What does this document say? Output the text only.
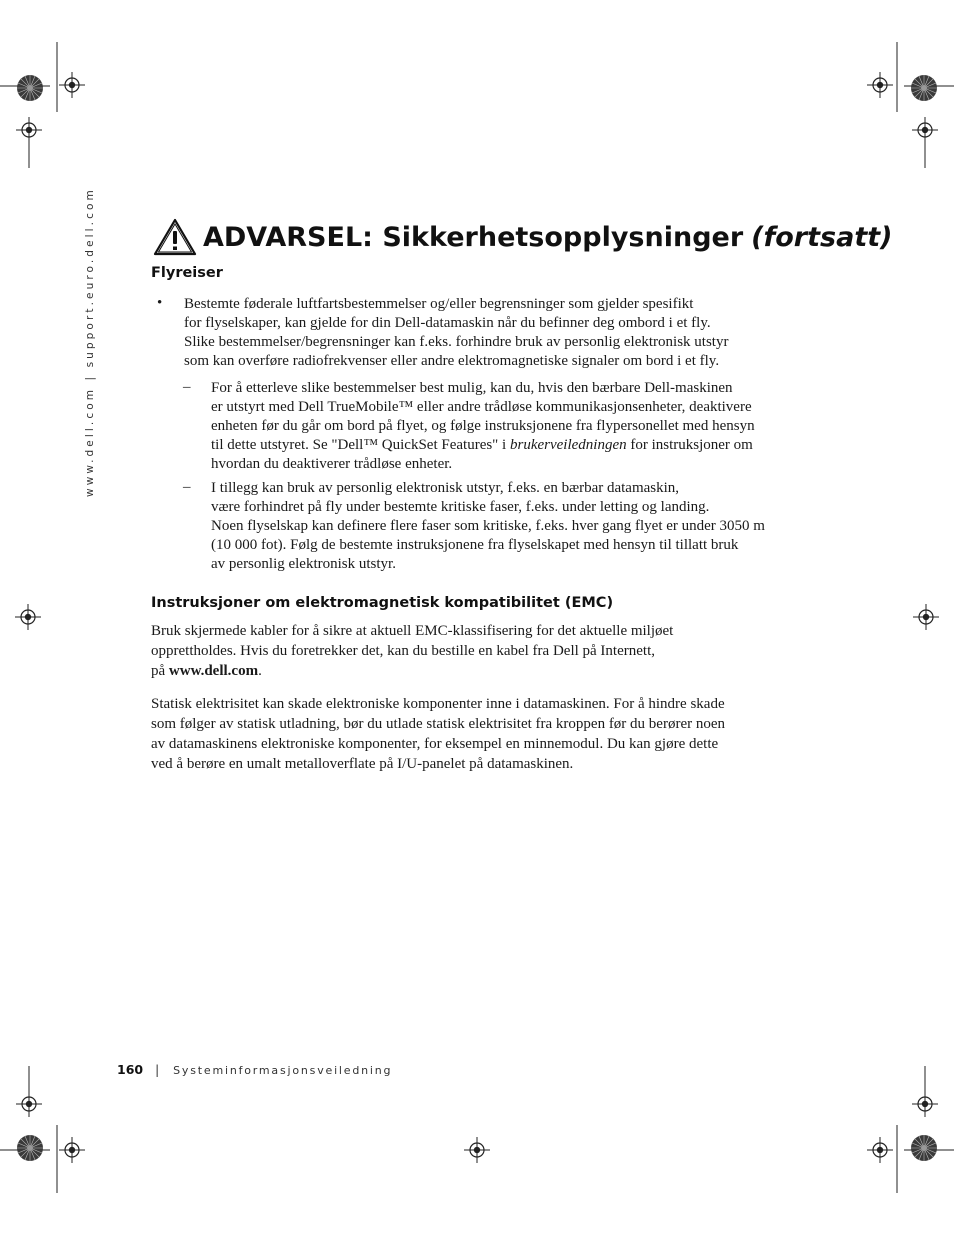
www.dell.com | support.euro.dell.com	ADVARSEL: Sikkerhetsopplysninger (fortsatt)
Flyreiser
• Bestemte føderale luftfartsbestemmelser og/eller begrensninger som gjelder spesifikt
for flyselskaper, kan gjelde for din Dell-datamaskin når du befinner deg ombord i et fly.
Slike bestemmelser/begrensninger kan f.eks. forhindre bruk av personlig elektronisk utstyr
som kan overføre radiofrekvenser eller andre elektromagnetiske signaler om bord i et fly.
– For å etterleve slike bestemmelser best mulig, kan du, hvis den bærbare Dell-maskinen
er utstyrt med Dell TrueMobile™ eller andre trådløse kommunikasjonsenheter, deaktivere
enheten før du går om bord på flyet, og følge instruksjonene fra flypersonellet med hensyn
til dette utstyret. Se "Dell™ QuickSet Features" i brukerveiledningen for instruksjoner om
hvordan du deaktiverer trådløse enheter.
– I tillegg kan bruk av personlig elektronisk utstyr, f.eks. en bærbar datamaskin,
være forhindret på fly under bestemte kritiske faser, f.eks. under letting og landing.
Noen flyselskap kan definere flere faser som kritiske, f.eks. hver gang flyet er under 3050 m
(10 000 fot). Følg de bestemte instruksjonene fra flyselskapet med hensyn til tillatt bruk
av personlig elektronisk utstyr.
Instruksjoner om elektromagnetisk kompatibilitet (EMC)
Bruk skjermede kabler for å sikre at aktuell EMC-klassifisering for det aktuelle miljøet
opprettholdes. Hvis du foretrekker det, kan du bestille en kabel fra Dell på Internett,
på www.dell.com.
Statisk elektrisitet kan skade elektroniske komponenter inne i datamaskinen. For å hindre skade
som følger av statisk utladning, bør du utlade statisk elektrisitet fra kroppen før du berører noen
av datamaskinens elektroniske komponenter, for eksempel en minnemodul. Du kan gjøre dette
ved å berøre en umalt metalloverflate på I/U-panelet på datamaskinen.
160 | Systeminformasjonsveiledning
